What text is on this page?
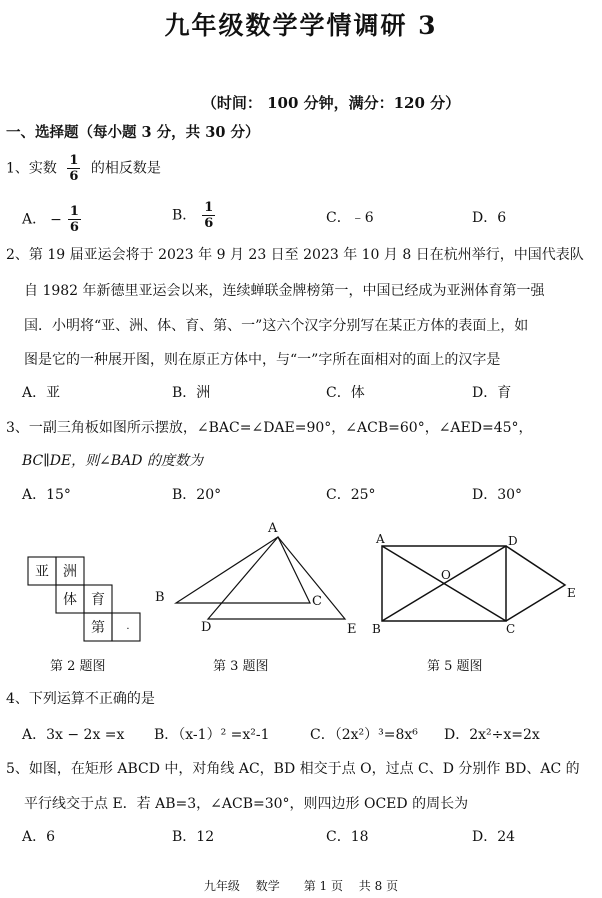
九年级数学学情调研 3
（时间： 100 分钟，满分：120 分）
一、选择题（每小题 3 分，共 30 分）
1、实数 $\frac{1}{6}$ 的相反数是
A． − $\frac{1}{6}$	B． $\frac{1}{6}$	C．﹣6	D．6
2、第 19 届亚运会将于 2023 年 9 月 23 日至 2023 年 10 月 8 日在杭州举行，中国代表队
自 1982 年新德里亚运会以来，连续蝉联金牌榜第一，中国已经成为亚洲体育第一强
国．小明将“亚、洲、体、育、第、一”这六个汉字分别写在某正方体的表面上，如
图是它的一种展开图，则在原正方体中，与“一”字所在面相对的面上的汉字是
A．亚	B．洲	C．体	D．育
3、一副三角板如图所示摆放，∠BAC=∠DAE=90°，∠ACB=60°，∠AED=45°，
BC∥DE，则∠BAD 的度数为
A．15°	B．20°	C．25°	D．30°
亚 洲
体 育
第 ·
A
B	C
D	E
A	D
O
E
B	C
第 2 题图	第 3 题图	第 5 题图
4、下列运算不正确的是
A．3x − 2x =x B．（x-1）² =x²-1	C．（2x²）³=8x⁶ D．2x²÷x=2x
5、如图，在矩形 ABCD 中，对角线 AC，BD 相交于点 O，过点 C、D 分别作 BD、AC 的
平行线交于点 E．若 AB=3，∠ACB=30°，则四边形 OCED 的周长为
A．6	B．12	C．18	D．24
九年级　 数学　　第 1 页　 共 8 页
